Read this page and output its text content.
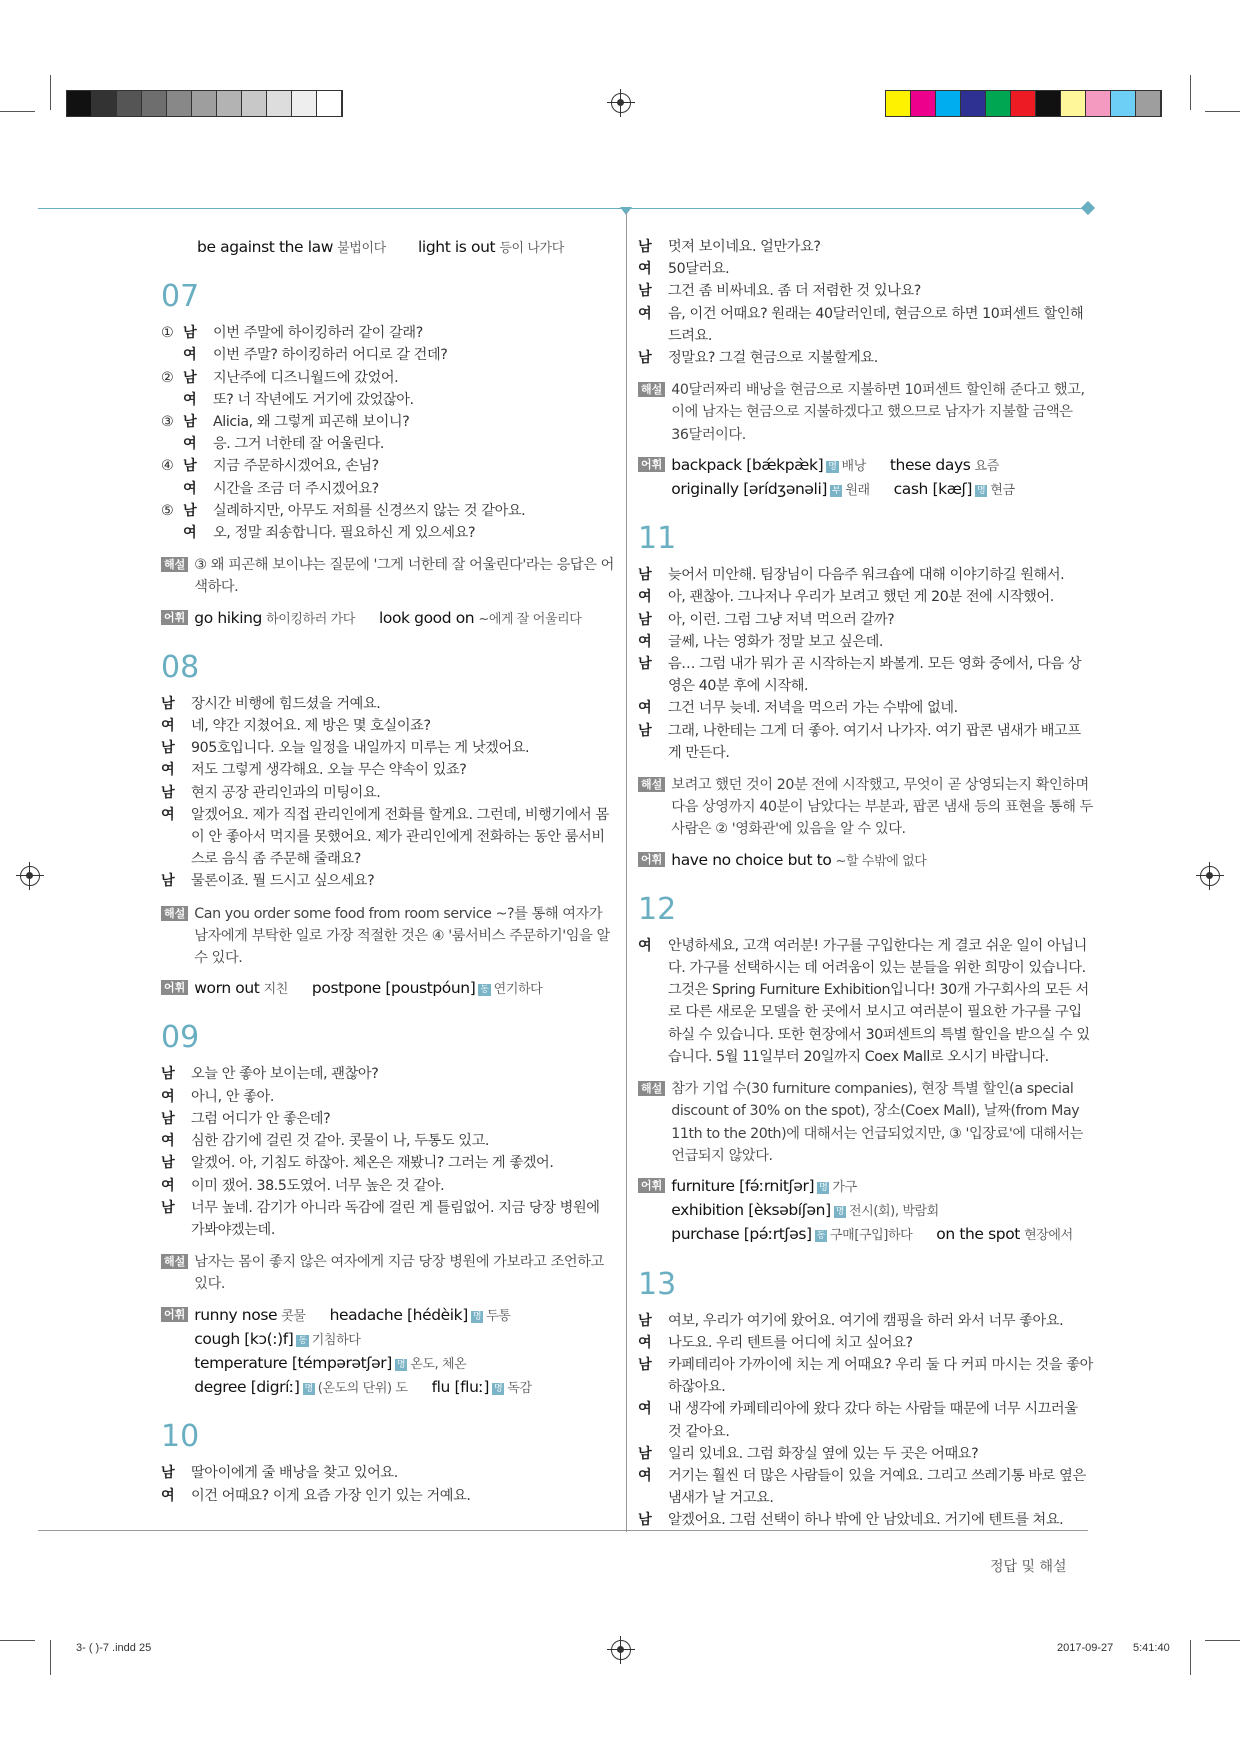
be against the law 불법이다 light is out 등이 나가다
07
① 남	이번 주말에 하이킹하러 같이 갈래?
여	이번 주말? 하이킹하러 어디로 갈 건데?
② 남	지난주에 디즈니월드에 갔었어.
여	또? 너 작년에도 거기에 갔었잖아.
③ 남	Alicia, 왜 그렇게 피곤해 보이니?
여	응. 그거 너한테 잘 어울린다.
④ 남	지금 주문하시겠어요, 손님?
여	시간을 조금 더 주시겠어요?
⑤ 남	실례하지만, 아무도 저희를 신경쓰지 않는 것 같아요.
여	오, 정말 죄송합니다. 필요하신 게 있으세요?
해설 ③ 왜 피곤해 보이냐는 질문에 '그게 너한테 잘 어울린다'라는 응답은 어색하다.
어휘 go hiking 하이킹하러 가다 look good on ~에게 잘 어울리다
08
남	장시간 비행에 힘드셨을 거예요.
여	네, 약간 지쳤어요. 제 방은 몇 호실이죠?
남	905호입니다. 오늘 일정을 내일까지 미루는 게 낫겠어요.
여	저도 그렇게 생각해요. 오늘 무슨 약속이 있죠?
남	현지 공장 관리인과의 미팅이요.
여	알겠어요. 제가 직접 관리인에게 전화를 할게요. 그런데, 비행기에서 몸이 안 좋아서 먹지를 못했어요. 제가 관리인에게 전화하는 동안 룸서비스로 음식 좀 주문해 줄래요?
남	물론이죠. 뭘 드시고 싶으세요?
해설 Can you order some food from room service ~?를 통해 여자가 남자에게 부탁한 일로 가장 적절한 것은 ④ '룸서비스 주문하기'임을 알 수 있다.
어휘 worn out 지친 postpone [poustpóun] 동 연기하다
09
남	오늘 안 좋아 보이는데, 괜찮아?
여	아니, 안 좋아.
남	그럼 어디가 안 좋은데?
여	심한 감기에 걸린 것 같아. 콧물이 나, 두통도 있고.
남	알겠어. 아, 기침도 하잖아. 체온은 재봤니? 그러는 게 좋겠어.
여	이미 쟀어. 38.5도였어. 너무 높은 것 같아.
남	너무 높네. 감기가 아니라 독감에 걸린 게 틀림없어. 지금 당장 병원에 가봐야겠는데.
해설 남자는 몸이 좋지 않은 여자에게 지금 당장 병원에 가보라고 조언하고 있다.
어휘 runny nose 콧물 headache [hédèik] 명 두통
cough [kɔ(:)f] 동 기침하다
temperature [témpərətʃər] 명 온도, 체온
degree [digríː] 명 (온도의 단위) 도 flu [fluː] 명 독감
10
남	딸아이에게 줄 배낭을 찾고 있어요.
여	이건 어때요? 이게 요즘 가장 인기 있는 거예요.
남	멋져 보이네요. 얼만가요?
여	50달러요.
남	그건 좀 비싸네요. 좀 더 저렴한 것 있나요?
여	음, 이건 어때요? 원래는 40달러인데, 현금으로 하면 10퍼센트 할인해 드려요.
남	정말요? 그걸 현금으로 지불할게요.
해설 40달러짜리 배낭을 현금으로 지불하면 10퍼센트 할인해 준다고 했고, 이에 남자는 현금으로 지불하겠다고 했으므로 남자가 지불할 금액은 36달러이다.
어휘 backpack [bǽkpæ̀k] 명 배낭 these days 요즘
originally [ərídʒənəli] 부 원래 cash [kæʃ] 명 현금
11
남	늦어서 미안해. 팀장님이 다음주 워크숍에 대해 이야기하길 원해서.
여	아, 괜찮아. 그나저나 우리가 보려고 했던 게 20분 전에 시작했어.
남	아, 이런. 그럼 그냥 저녁 먹으러 갈까?
여	글쎄, 나는 영화가 정말 보고 싶은데.
남	음… 그럼 내가 뭐가 곧 시작하는지 봐볼게. 모든 영화 중에서, 다음 상영은 40분 후에 시작해.
여	그건 너무 늦네. 저녁을 먹으러 가는 수밖에 없네.
남	그래, 나한테는 그게 더 좋아. 여기서 나가자. 여기 팝콘 냄새가 배고프게 만든다.
해설 보려고 했던 것이 20분 전에 시작했고, 무엇이 곧 상영되는지 확인하며 다음 상영까지 40분이 남았다는 부분과, 팝콘 냄새 등의 표현을 통해 두 사람은 ② '영화관'에 있음을 알 수 있다.
어휘 have no choice but to ~할 수밖에 없다
12
여	안녕하세요, 고객 여러분! 가구를 구입한다는 게 결코 쉬운 일이 아닙니다. 가구를 선택하시는 데 어려움이 있는 분들을 위한 희망이 있습니다. 그것은 Spring Furniture Exhibition입니다! 30개 가구회사의 모든 서로 다른 새로운 모델을 한 곳에서 보시고 여러분이 필요한 가구를 구입하실 수 있습니다. 또한 현장에서 30퍼센트의 특별 할인을 받으실 수 있습니다. 5월 11일부터 20일까지 Coex Mall로 오시기 바랍니다.
해설 참가 기업 수(30 furniture companies), 현장 특별 할인(a special discount of 30% on the spot), 장소(Coex Mall), 날짜(from May 11th to the 20th)에 대해서는 언급되었지만, ③ '입장료'에 대해서는 언급되지 않았다.
어휘 furniture [fə́ːrnitʃər] 명 가구
exhibition [èksəbíʃən] 명 전시(회), 박람회
purchase [pə́ːrtʃəs] 동 구매[구입]하다 on the spot 현장에서
13
남	여보, 우리가 여기에 왔어요. 여기에 캠핑을 하러 와서 너무 좋아요.
여	나도요. 우리 텐트를 어디에 치고 싶어요?
남	카페테리아 가까이에 치는 게 어때요? 우리 둘 다 커피 마시는 것을 좋아하잖아요.
여	내 생각에 카페테리아에 왔다 갔다 하는 사람들 때문에 너무 시끄러울 것 같아요.
남	일리 있네요. 그럼 화장실 옆에 있는 두 곳은 어때요?
여	거기는 훨씬 더 많은 사람들이 있을 거예요. 그리고 쓰레기통 바로 옆은 냄새가 날 거고요.
남	알겠어요. 그럼 선택이 하나 밖에 안 남았네요. 거기에 텐트를 쳐요.
정답 및 해설
3- ( )-7 .indd 25	2017-09-27 5:41:40
